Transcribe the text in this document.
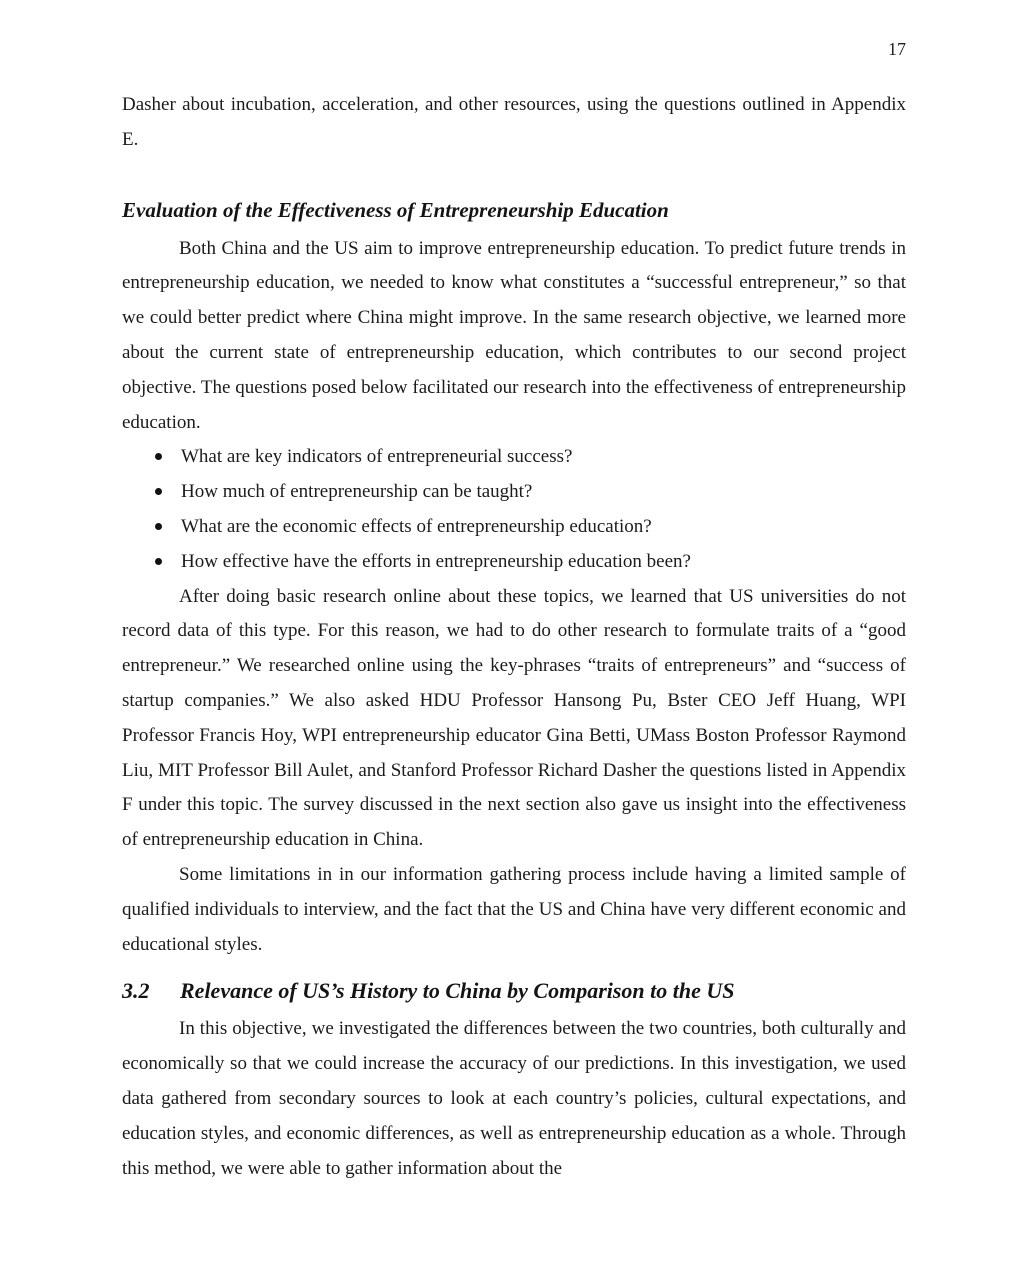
17

Dasher about incubation, acceleration, and other resources, using the questions outlined in Appendix E.

Evaluation of the Effectiveness of Entrepreneurship Education

Both China and the US aim to improve entrepreneurship education. To predict future trends in entrepreneurship education, we needed to know what constitutes a “successful entrepreneur,” so that we could better predict where China might improve. In the same research objective, we learned more about the current state of entrepreneurship education, which contributes to our second project objective. The questions posed below facilitated our research into the effectiveness of entrepreneurship education.

What are key indicators of entrepreneurial success?
How much of entrepreneurship can be taught?
What are the economic effects of entrepreneurship education?
How effective have the efforts in entrepreneurship education been?

After doing basic research online about these topics, we learned that US universities do not record data of this type. For this reason, we had to do other research to formulate traits of a “good entrepreneur.” We researched online using the key-phrases “traits of entrepreneurs” and “success of startup companies.” We also asked HDU Professor Hansong Pu, Bster CEO Jeff Huang, WPI Professor Francis Hoy, WPI entrepreneurship educator Gina Betti, UMass Boston Professor Raymond Liu, MIT Professor Bill Aulet, and Stanford Professor Richard Dasher the questions listed in Appendix F under this topic. The survey discussed in the next section also gave us insight into the effectiveness of entrepreneurship education in China.

Some limitations in in our information gathering process include having a limited sample of qualified individuals to interview, and the fact that the US and China have very different economic and educational styles.

3.2	Relevance of US’s History to China by Comparison to the US

In this objective, we investigated the differences between the two countries, both culturally and economically so that we could increase the accuracy of our predictions. In this investigation, we used data gathered from secondary sources to look at each country’s policies, cultural expectations, and education styles, and economic differences, as well as entrepreneurship education as a whole. Through this method, we were able to gather information about the
